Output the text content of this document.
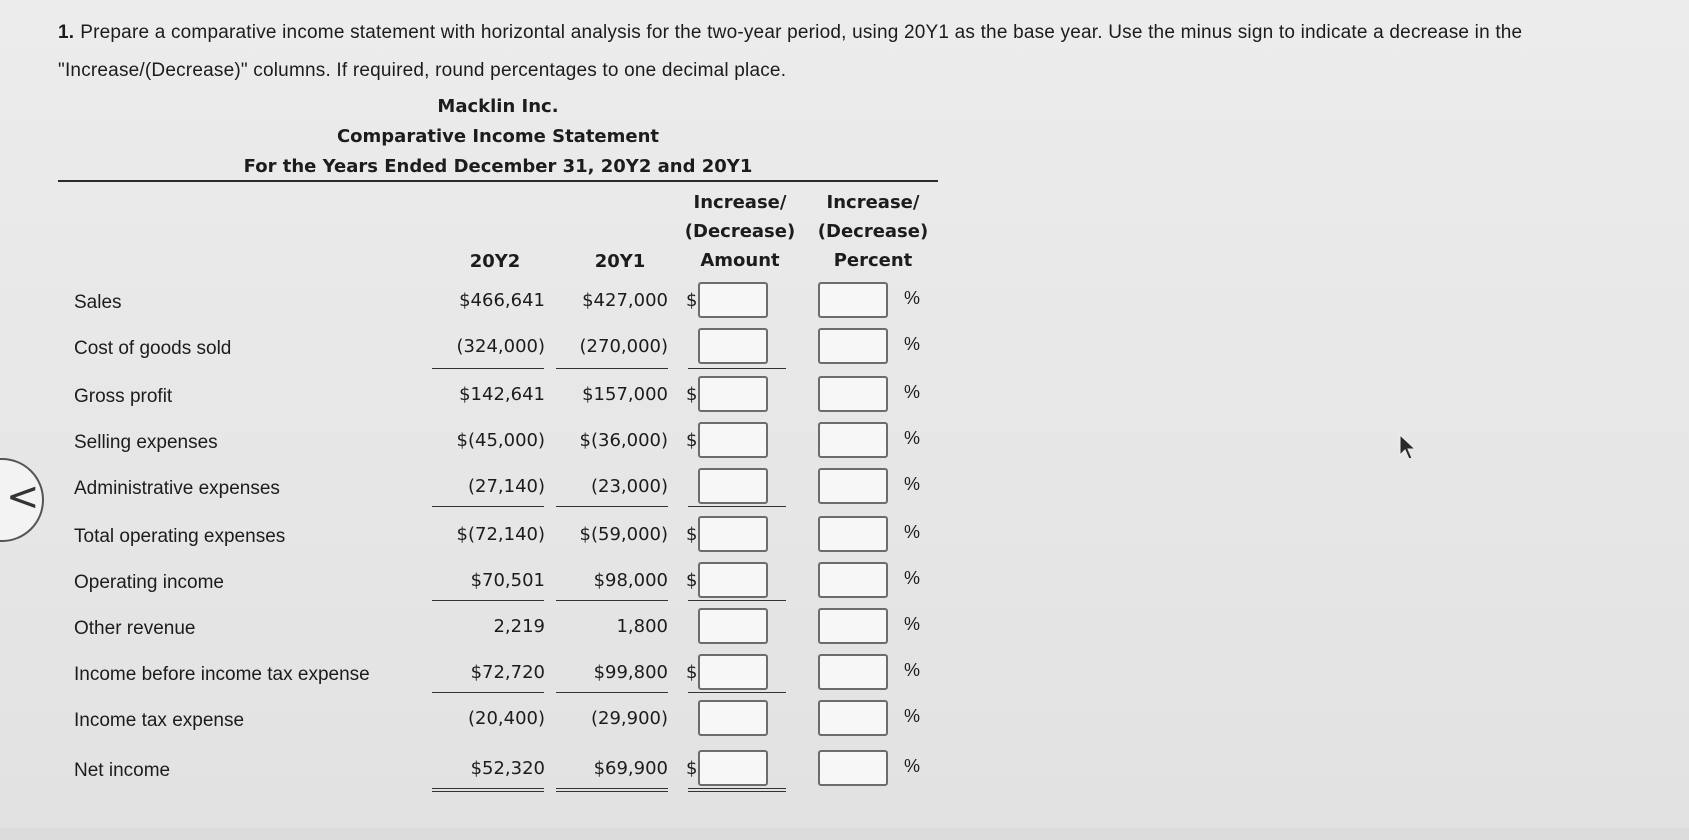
1. Prepare a comparative income statement with horizontal analysis for the two-year period, using 20Y1 as the base year. Use the minus sign to indicate a decrease in the "Increase/(Decrease)" columns. If required, round percentages to one decimal place.
Macklin Inc.
Comparative Income Statement
For the Years Ended December 31, 20Y2 and 20Y1
20Y2	20Y1
Increase/
(Decrease)
Amount
Increase/
(Decrease)
Percent
Sales	$466,641	$427,000 $	%
Cost of goods sold	(324,000)	(270,000)	%
Gross profit	$142,641	$157,000 $	%
Selling expenses	$(45,000)	$(36,000) $	%
Administrative expenses	(27,140)	(23,000)	%
Total operating expenses	$(72,140)	$(59,000) $	%
Operating income	$70,501	$98,000 $	%
Other revenue	2,219	1,800	%
Income before income tax expense	$72,720	$99,800 $	%
Income tax expense	(20,400)	(29,900)	%
Net income	$52,320	$69,900 $	%
<
